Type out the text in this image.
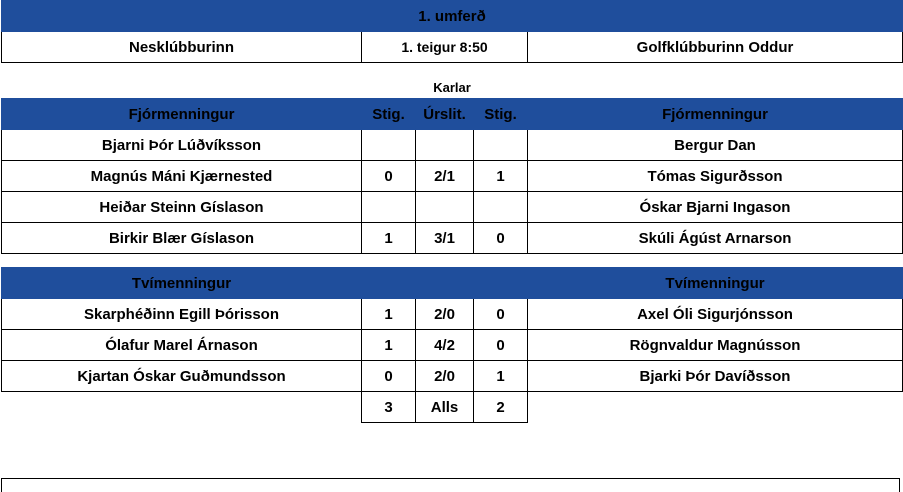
1. umferð
Nesklúbburinn	1. teigur 8:50	Golfklúbburinn Oddur

Karlar
Fjórmenningur	Stig.	Úrslit.	Stig.	Fjórmenningur
Bjarni Þór Lúðvíksson				Bergur Dan
Magnús Máni Kjærnested	0	2/1	1	Tómas Sigurðsson
Heiðar Steinn Gíslason				Óskar Bjarni Ingason
Birkir Blær Gíslason	1	3/1	0	Skúli Ágúst Arnarson

Tvímenningur				Tvímenningur
Skarphéðinn Egill Þórisson	1	2/0	0	Axel Óli Sigurjónsson
Ólafur Marel Árnason	1	4/2	0	Rögnvaldur Magnússon
Kjartan Óskar Guðmundsson	0	2/0	1	Bjarki Þór Davíðsson
	3	Alls	2	
